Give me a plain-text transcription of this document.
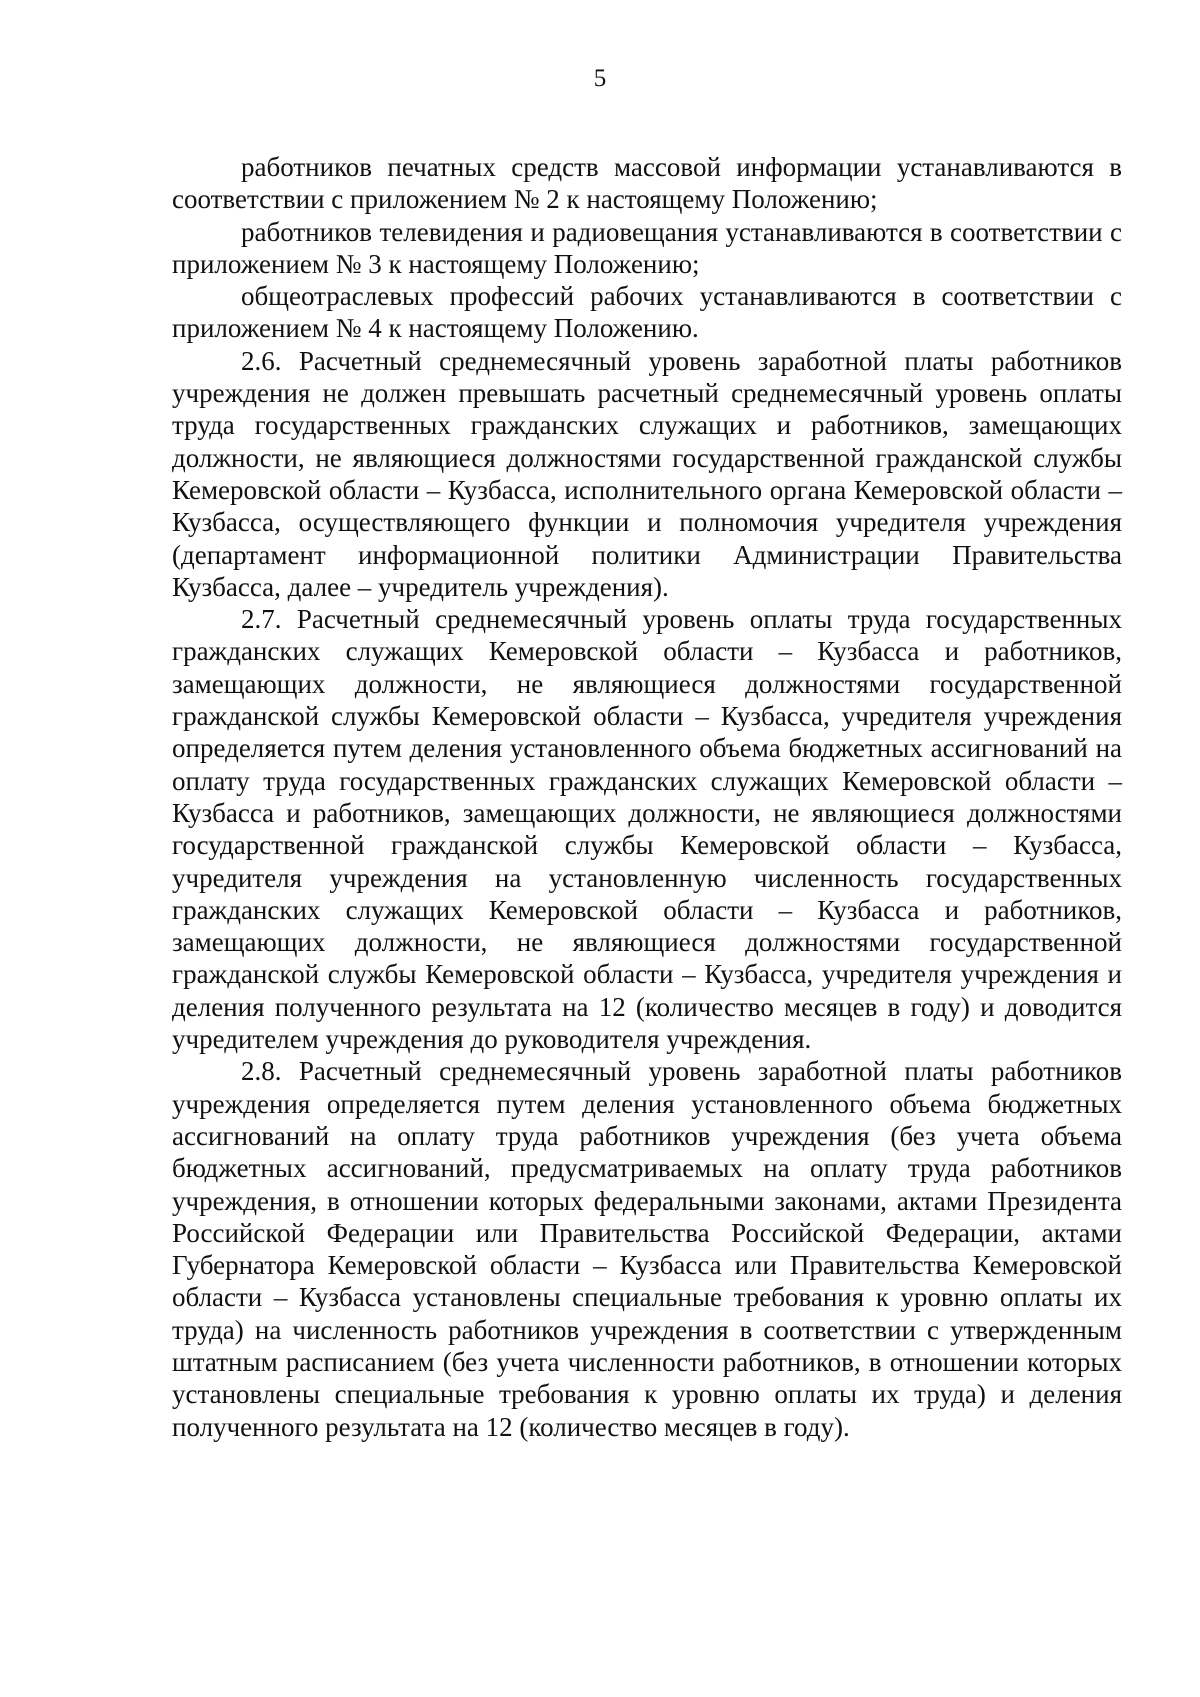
5

работников печатных средств массовой информации устанавливаются в соответствии с приложением № 2 к настоящему Положению;

работников телевидения и радиовещания устанавливаются в соответствии с приложением № 3 к настоящему Положению;

общеотраслевых профессий рабочих устанавливаются в соответствии с приложением № 4 к настоящему Положению.

2.6. Расчетный среднемесячный уровень заработной платы работников учреждения не должен превышать расчетный среднемесячный уровень оплаты труда государственных гражданских служащих и работников, замещающих должности, не являющиеся должностями государственной гражданской службы Кемеровской области – Кузбасса, исполнительного органа Кемеровской области – Кузбасса, осуществляющего функции и полномочия учредителя учреждения (департамент информационной политики Администрации Правительства Кузбасса, далее – учредитель учреждения).

2.7. Расчетный среднемесячный уровень оплаты труда государственных гражданских служащих Кемеровской области – Кузбасса и работников, замещающих должности, не являющиеся должностями государственной гражданской службы Кемеровской области – Кузбасса, учредителя учреждения определяется путем деления установленного объема бюджетных ассигнований на оплату труда государственных гражданских служащих Кемеровской области – Кузбасса и работников, замещающих должности, не являющиеся должностями государственной гражданской службы Кемеровской области – Кузбасса, учредителя учреждения на установленную численность государственных гражданских служащих Кемеровской области – Кузбасса и работников, замещающих должности, не являющиеся должностями государственной гражданской службы Кемеровской области – Кузбасса, учредителя учреждения и деления полученного результата на 12 (количество месяцев в году) и доводится учредителем учреждения до руководителя учреждения.

2.8. Расчетный среднемесячный уровень заработной платы работников учреждения определяется путем деления установленного объема бюджетных ассигнований на оплату труда работников учреждения (без учета объема бюджетных ассигнований, предусматриваемых на оплату труда работников учреждения, в отношении которых федеральными законами, актами Президента Российской Федерации или Правительства Российской Федерации, актами Губернатора Кемеровской области – Кузбасса или Правительства Кемеровской области – Кузбасса установлены специальные требования к уровню оплаты их труда) на численность работников учреждения в соответствии с утвержденным штатным расписанием (без учета численности работников, в отношении которых установлены специальные требования к уровню оплаты их труда) и деления полученного результата на 12 (количество месяцев в году).
